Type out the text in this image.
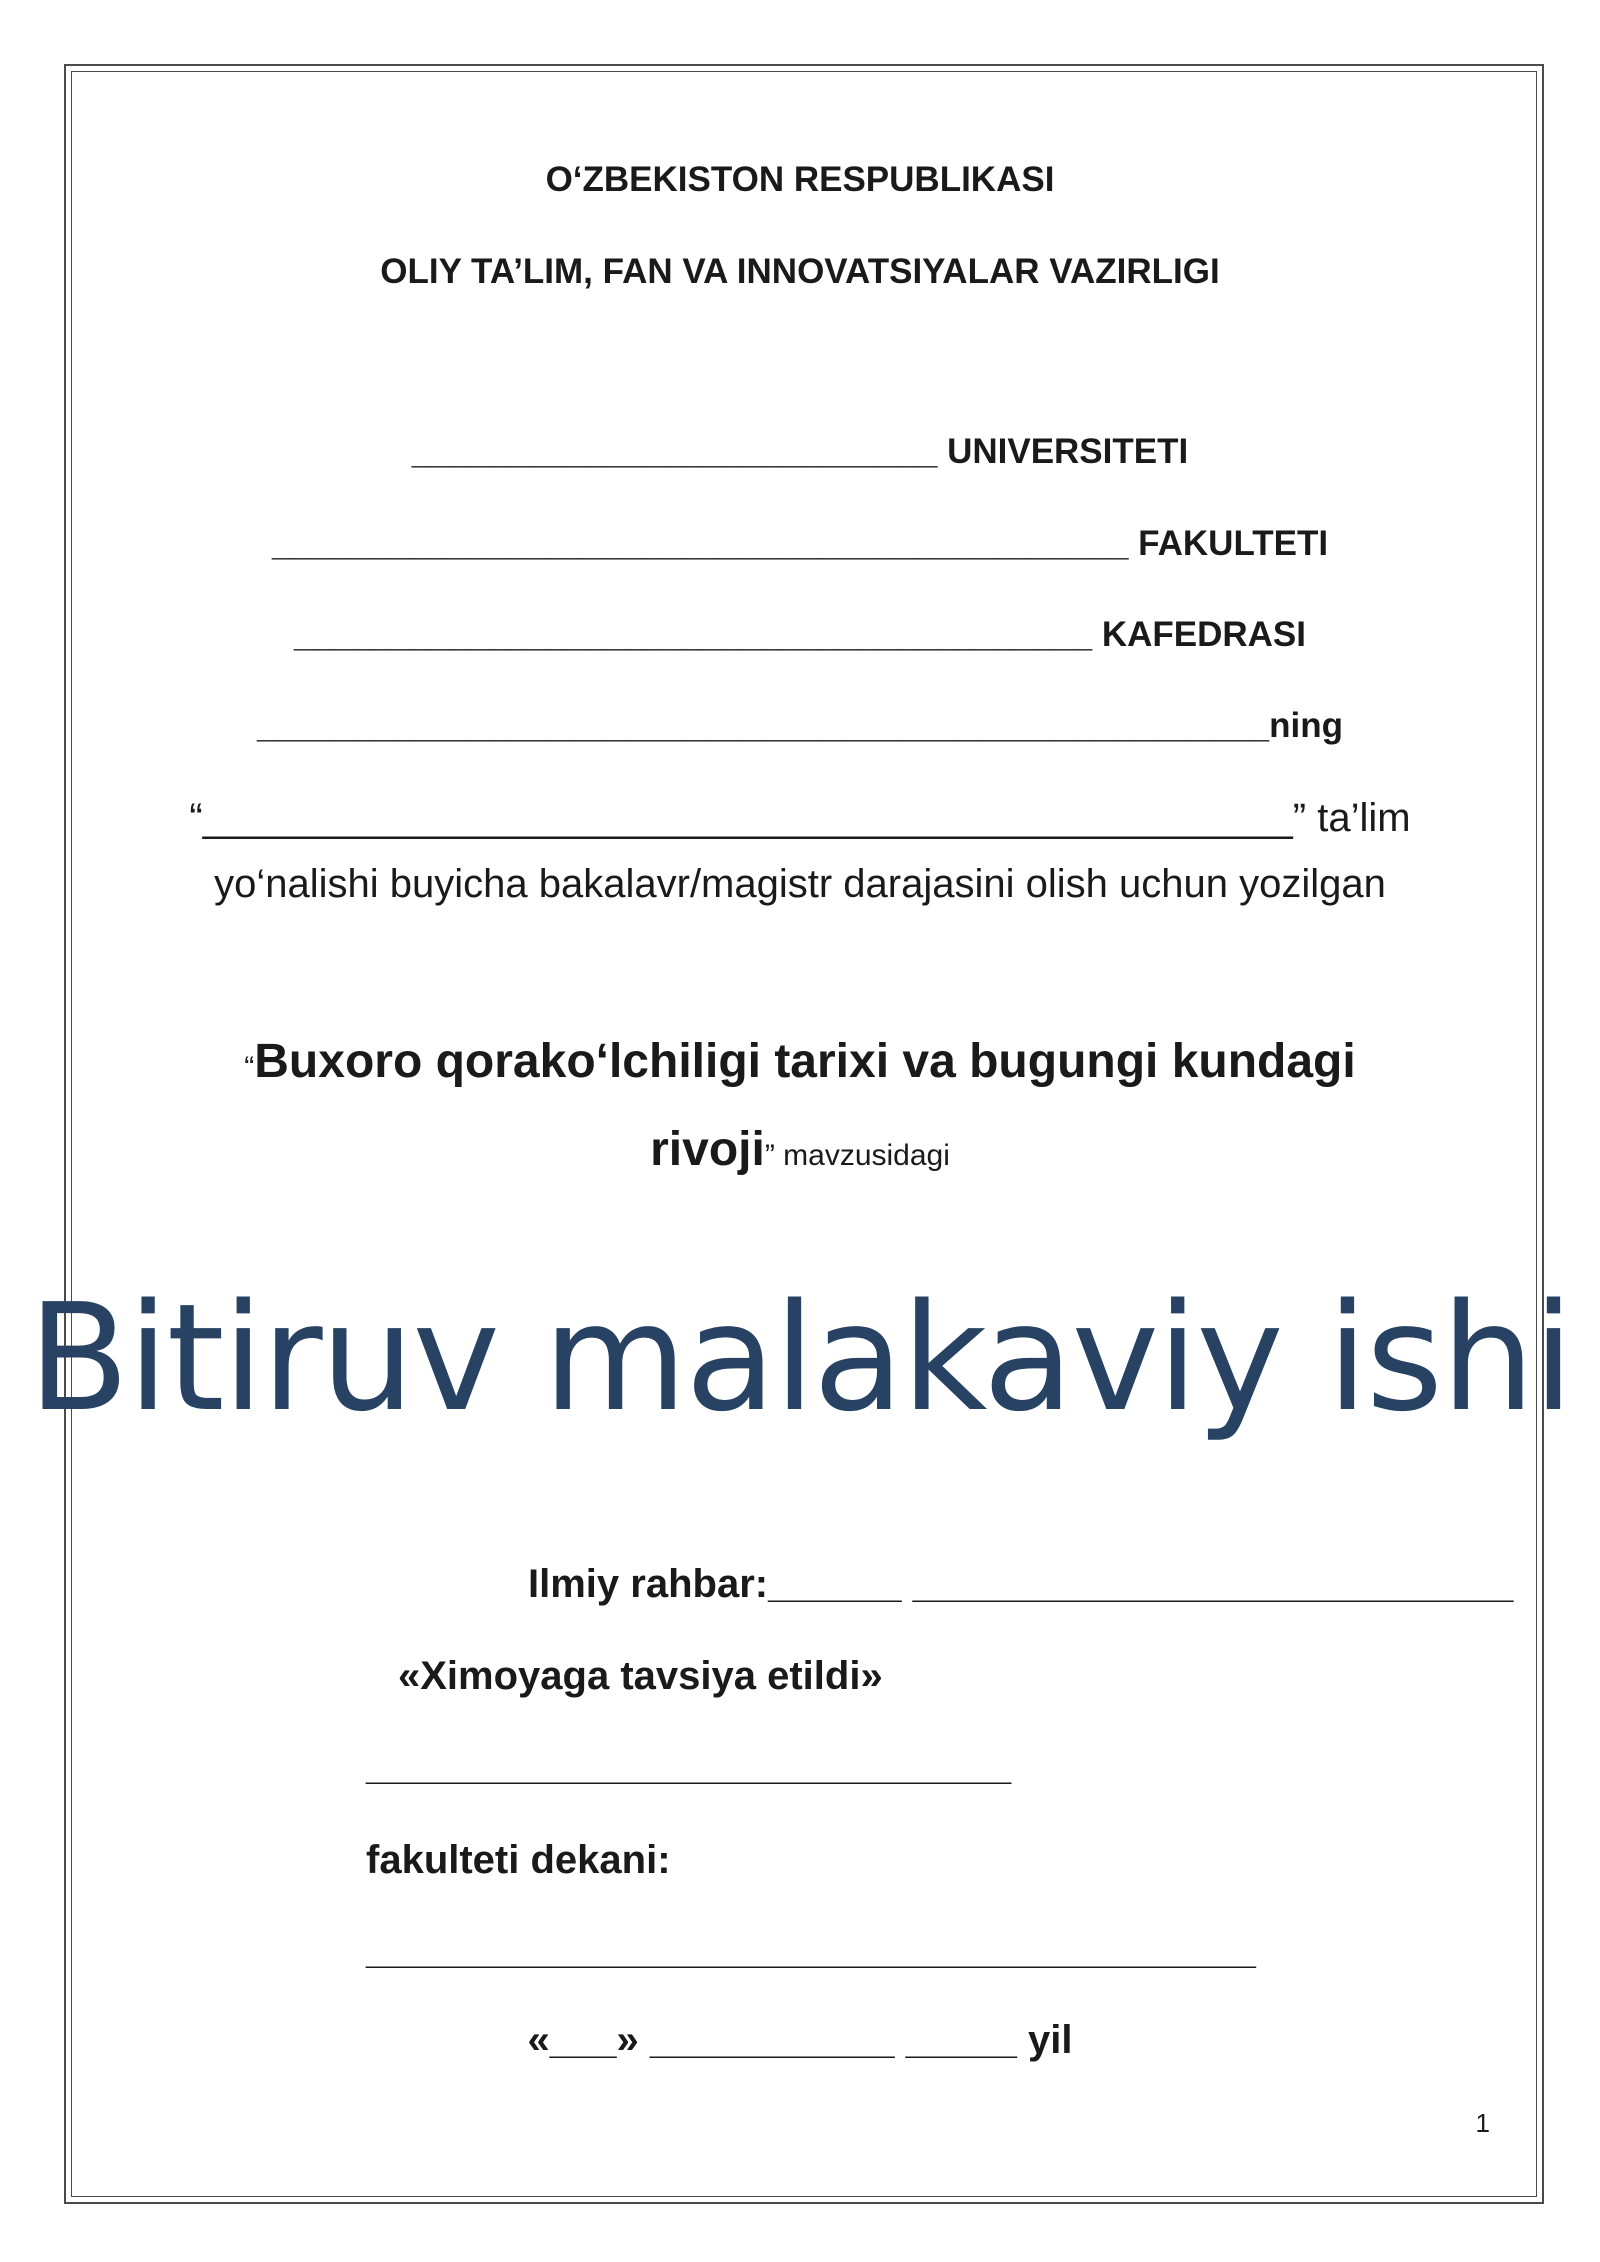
O‘ZBEKISTON RESPUBLIKASI
OLIY TA’LIM, FAN VA INNOVATSIYALAR VAZIRLIGI
___________________________ UNIVERSITETI
____________________________________________ FAKULTETI
_________________________________________ KAFEDRASI
____________________________________________________ning
“_________________________________________________” ta’lim
yo‘nalishi buyicha bakalavr/magistr darajasini olish uchun yozilgan
“Buxoro qorako‘lchiligi tarixi va bugungi kundagi
rivoji” mavzusidagi
Bitiruv malakaviy ishi
Ilmiy rahbar:______ ___________________________
«Ximoyaga tavsiya etildi»
_____________________________
fakulteti dekani:
________________________________________
«___» ___________ _____ yil
1
